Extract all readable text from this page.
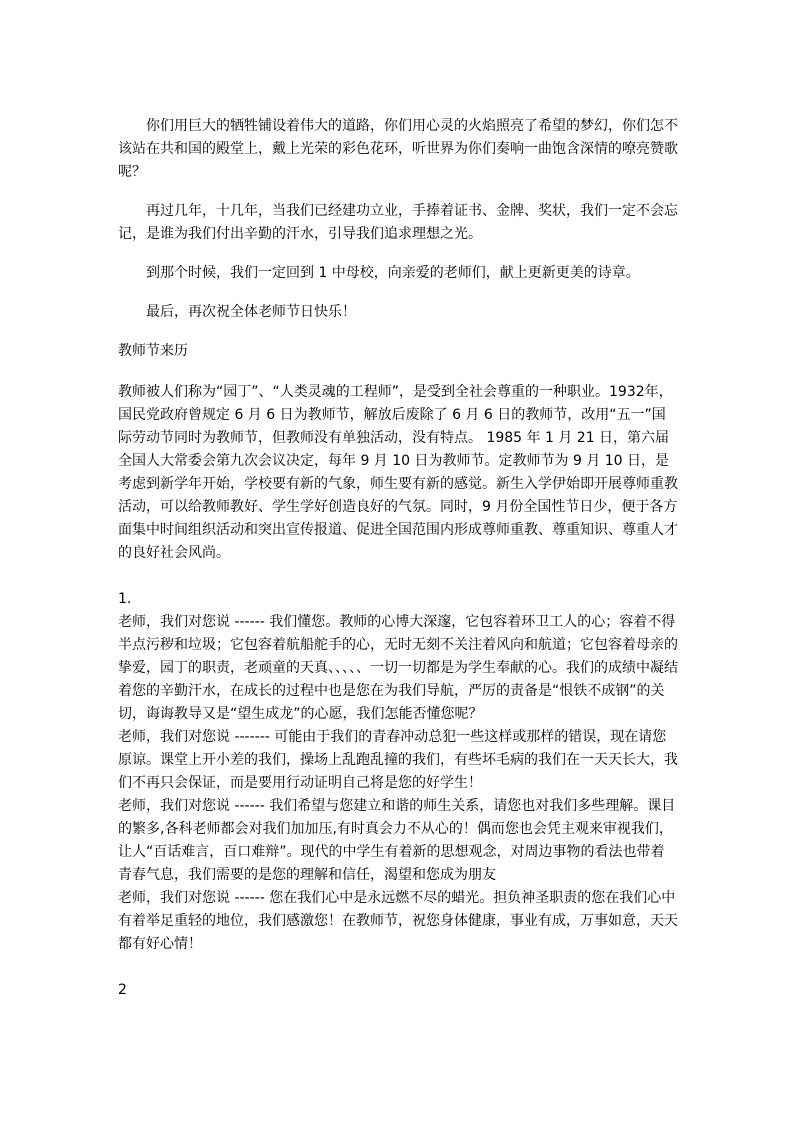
你们用巨大的牺牲铺设着伟大的道路，你们用心灵的火焰照亮了希望的梦幻，你们怎不该站在共和国的殿堂上，戴上光荣的彩色花环，听世界为你们奏响一曲饱含深情的嘹亮赞歌呢？

再过几年，十几年，当我们已经建功立业，手捧着证书、金牌、奖状，我们一定不会忘记，是谁为我们付出辛勤的汗水，引导我们追求理想之光。

到那个时候，我们一定回到 1 中母校，向亲爱的老师们，献上更新更美的诗章。

最后，再次祝全体老师节日快乐！

教师节来历

教师被人们称为“园丁”、“人类灵魂的工程师”，是受到全社会尊重的一种职业。1932年，国民党政府曾规定 6 月 6 日为教师节，解放后废除了 6 月 6 日的教师节，改用“五一”国际劳动节同时为教师节，但教师没有单独活动，没有特点。 1985 年 1 月 21 日，第六届全国人大常委会第九次会议决定，每年 9 月 10 日为教师节。定教师节为 9 月 10 日，是考虑到新学年开始，学校要有新的气象，师生要有新的感觉。新生入学伊始即开展尊师重教活动，可以给教师教好、学生学好创造良好的气氛。同时，9 月份全国性节日少，便于各方面集中时间组织活动和突出宣传报道、促进全国范围内形成尊师重教、尊重知识、尊重人才的良好社会风尚。

1.

老师，我们对您说 ------ 我们懂您。教师的心博大深邃，它包容着环卫工人的心；容着不得半点污秽和垃圾；它包容着航船舵手的心，无时无刻不关注着风向和航道；它包容着母亲的挚爱，园丁的职责，老顽童的天真、、、、、一切一切都是为学生奉献的心。我们的成绩中凝结着您的辛勤汗水，在成长的过程中也是您在为我们导航，严厉的责备是“恨铁不成钢”的关切，诲诲教导又是“望生成龙”的心愿，我们怎能否懂您呢？

老师，我们对您说 ------- 可能由于我们的青春冲动总犯一些这样或那样的错误，现在请您原谅。课堂上开小差的我们，操场上乱跑乱撞的我们，有些坏毛病的我们在一天天长大，我们不再只会保证，而是要用行动证明自己将是您的好学生！

老师，我们对您说 ------ 我们希望与您建立和谐的师生关系，请您也对我们多些理解。课目的繁多,各科老师都会对我们加加压,有时真会力不从心的！偶而您也会凭主观来审视我们，让人“百话难言，百口难辩”。现代的中学生有着新的思想观念，对周边事物的看法也带着青春气息，我们需要的是您的理解和信任，渴望和您成为朋友

老师，我们对您说 ------ 您在我们心中是永远燃不尽的蜡光。担负神圣职责的您在我们心中有着举足重轻的地位，我们感激您！在教师节，祝您身体健康，事业有成，万事如意，天天都有好心情！

2
